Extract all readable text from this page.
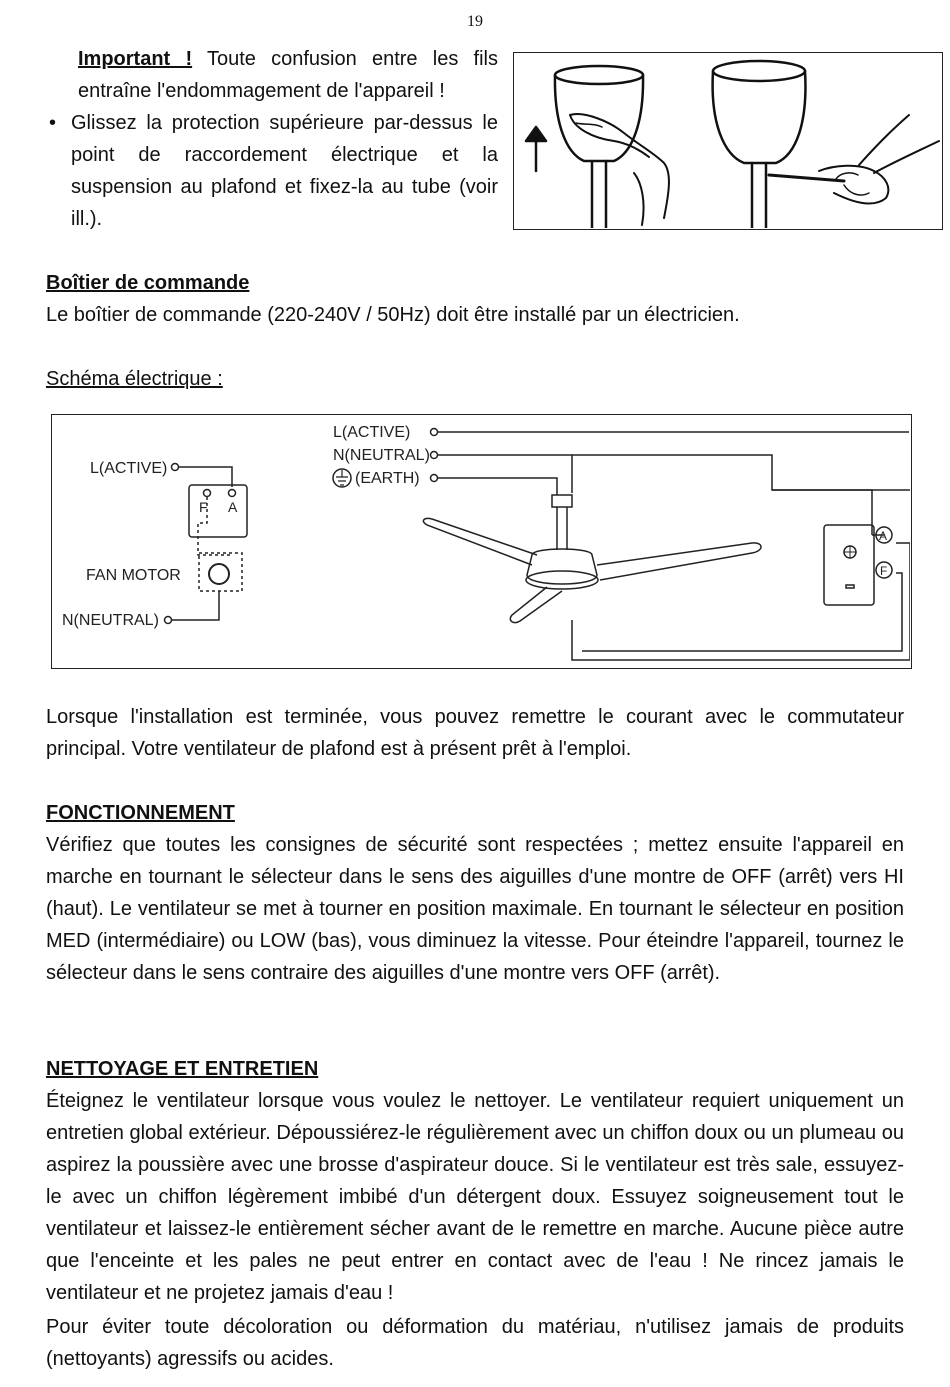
19
Important ! Toute confusion entre les fils entraîne l'endommagement de l'appareil !
• Glissez la protection supérieure par-dessus le point de raccordement électrique et la suspension au plafond et fixez-la au tube (voir ill.).
Boîtier de commande
Le boîtier de commande (220-240V / 50Hz) doit être installé par un électricien.
Schéma électrique :
L(ACTIVE)
F A
FAN MOTOR
N(NEUTRAL)
L(ACTIVE)
N(NEUTRAL)
(EARTH)
A
F
Lorsque l'installation est terminée, vous pouvez remettre le courant avec le commutateur principal. Votre ventilateur de plafond est à présent prêt à l'emploi.
FONCTIONNEMENT
Vérifiez que toutes les consignes de sécurité sont respectées ; mettez ensuite l'appareil en marche en tournant le sélecteur dans le sens des aiguilles d'une montre de OFF (arrêt) vers HI (haut). Le ventilateur se met à tourner en position maximale. En tournant le sélecteur en position MED (intermédiaire) ou LOW (bas), vous diminuez la vitesse. Pour éteindre l'appareil, tournez le sélecteur dans le sens contraire des aiguilles d'une montre vers OFF (arrêt).
NETTOYAGE ET ENTRETIEN
Éteignez le ventilateur lorsque vous voulez le nettoyer. Le ventilateur requiert uniquement un entretien global extérieur. Dépoussiérez-le régulièrement avec un chiffon doux ou un plumeau ou aspirez la poussière avec une brosse d'aspirateur douce. Si le ventilateur est très sale, essuyez-le avec un chiffon légèrement imbibé d'un détergent doux. Essuyez soigneusement tout le ventilateur et laissez-le entièrement sécher avant de le remettre en marche. Aucune pièce autre que l'enceinte et les pales ne peut entrer en contact avec de l'eau ! Ne rincez jamais le ventilateur et ne projetez jamais d'eau !
Pour éviter toute décoloration ou déformation du matériau, n'utilisez jamais de produits (nettoyants) agressifs ou acides.
